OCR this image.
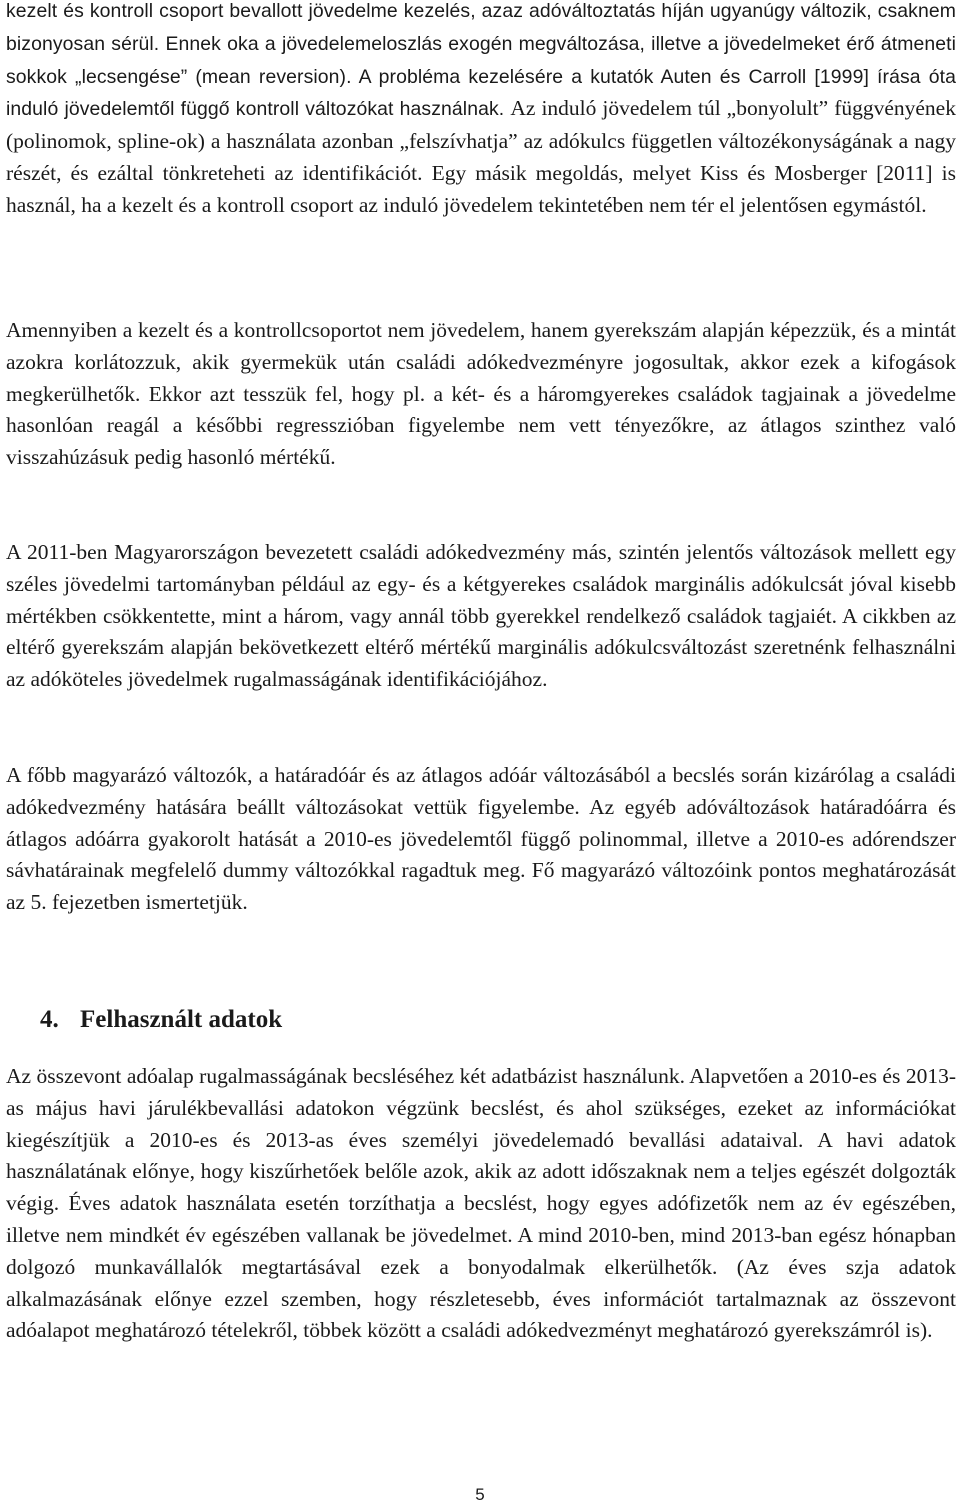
kezelt és kontroll csoport bevallott jövedelme kezelés, azaz adóváltoztatás híján ugyanúgy változik, csaknem bizonyosan sérül. Ennek oka a jövedelemeloszlás exogén megváltozása, illetve a jövedelmeket érő átmeneti sokkok „lecsengése” (mean reversion). A probléma kezelésére a kutatók Auten és Carroll [1999] írása óta induló jövedelemtől függő kontroll változókat használnak. Az induló jövedelem túl „bonyolult” függvényének (polinomok, spline-ok) a használata azonban „felszívhatja” az adókulcs független változékonyságának a nagy részét, és ezáltal tönkreteheti az identifikációt. Egy másik megoldás, melyet Kiss és Mosberger [2011] is használ, ha a kezelt és a kontroll csoport az induló jövedelem tekintetében nem tér el jelentősen egymástól.

Amennyiben a kezelt és a kontrollcsoportot nem jövedelem, hanem gyerekszám alapján képezzük, és a mintát azokra korlátozzuk, akik gyermekük után családi adókedvezményre jogosultak, akkor ezek a kifogások megkerülhetők. Ekkor azt tesszük fel, hogy pl. a két- és a háromgyerekes családok tagjainak a jövedelme hasonlóan reagál a későbbi regresszióban figyelembe nem vett tényezőkre, az átlagos szinthez való visszahúzásuk pedig hasonló mértékű.

A 2011-ben Magyarországon bevezetett családi adókedvezmény más, szintén jelentős változások mellett egy széles jövedelmi tartományban például az egy- és a kétgyerekes családok marginális adókulcsát jóval kisebb mértékben csökkentette, mint a három, vagy annál több gyerekkel rendelkező családok tagjaiét. A cikkben az eltérő gyerekszám alapján bekövetkezett eltérő mértékű marginális adókulcsváltozást szeretnénk felhasználni az adóköteles jövedelmek rugalmasságának identifikációjához.

A főbb magyarázó változók, a határadóár és az átlagos adóár változásából a becslés során kizárólag a családi adókedvezmény hatására beállt változásokat vettük figyelembe. Az egyéb adóváltozások határadóárra és átlagos adóárra gyakorolt hatását a 2010-es jövedelemtől függő polinommal, illetve a 2010-es adórendszer sávhatárainak megfelelő dummy változókkal ragadtuk meg. Fő magyarázó változóink pontos meghatározását az 5. fejezetben ismertetjük.

4. Felhasznált adatok

Az összevont adóalap rugalmasságának becsléséhez két adatbázist használunk. Alapvetően a 2010-es és 2013-as május havi járulékbevallási adatokon végzünk becslést, és ahol szükséges, ezeket az információkat kiegészítjük a 2010-es és 2013-as éves személyi jövedelemadó bevallási adataival. A havi adatok használatának előnye, hogy kiszűrhetőek belőle azok, akik az adott időszaknak nem a teljes egészét dolgozták végig. Éves adatok használata esetén torzíthatja a becslést, hogy egyes adófizetők nem az év egészében, illetve nem mindkét év egészében vallanak be jövedelmet. A mind 2010-ben, mind 2013-ban egész hónapban dolgozó munkavállalók megtartásával ezek a bonyodalmak elkerülhetők. (Az éves szja adatok alkalmazásának előnye ezzel szemben, hogy részletesebb, éves információt tartalmaznak az összevont adóalapot meghatározó tételekről, többek között a családi adókedvezményt meghatározó gyerekszámról is).

5
